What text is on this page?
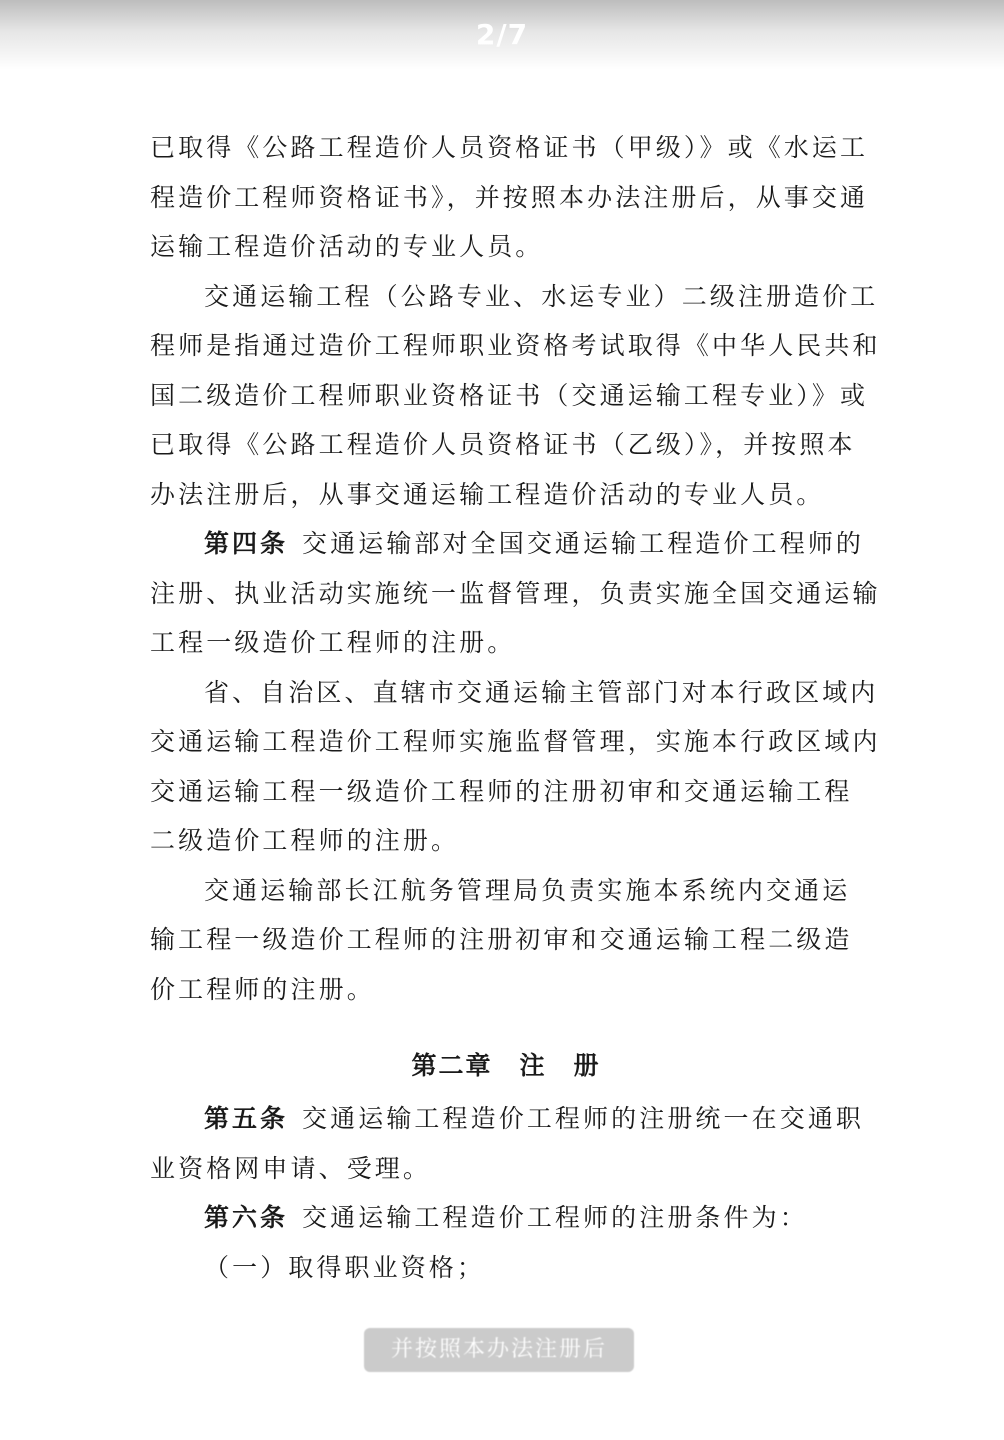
2/7
已取得《公路工程造价人员资格证书（甲级）》或《水运工
程造价工程师资格证书》，并按照本办法注册后，从事交通
运输工程造价活动的专业人员。
交通运输工程（公路专业、水运专业）二级注册造价工
程师是指通过造价工程师职业资格考试取得《中华人民共和
国二级造价工程师职业资格证书（交通运输工程专业）》或
已取得《公路工程造价人员资格证书（乙级）》，并按照本
办法注册后，从事交通运输工程造价活动的专业人员。
第四条 交通运输部对全国交通运输工程造价工程师的
注册、执业活动实施统一监督管理，负责实施全国交通运输
工程一级造价工程师的注册。
省、自治区、直辖市交通运输主管部门对本行政区域内
交通运输工程造价工程师实施监督管理，实施本行政区域内
交通运输工程一级造价工程师的注册初审和交通运输工程
二级造价工程师的注册。
交通运输部长江航务管理局负责实施本系统内交通运
输工程一级造价工程师的注册初审和交通运输工程二级造
价工程师的注册。
第二章　注　册
第五条 交通运输工程造价工程师的注册统一在交通职
业资格网申请、受理。
第六条 交通运输工程造价工程师的注册条件为：
（一）取得职业资格；
并按照本办法注册后
